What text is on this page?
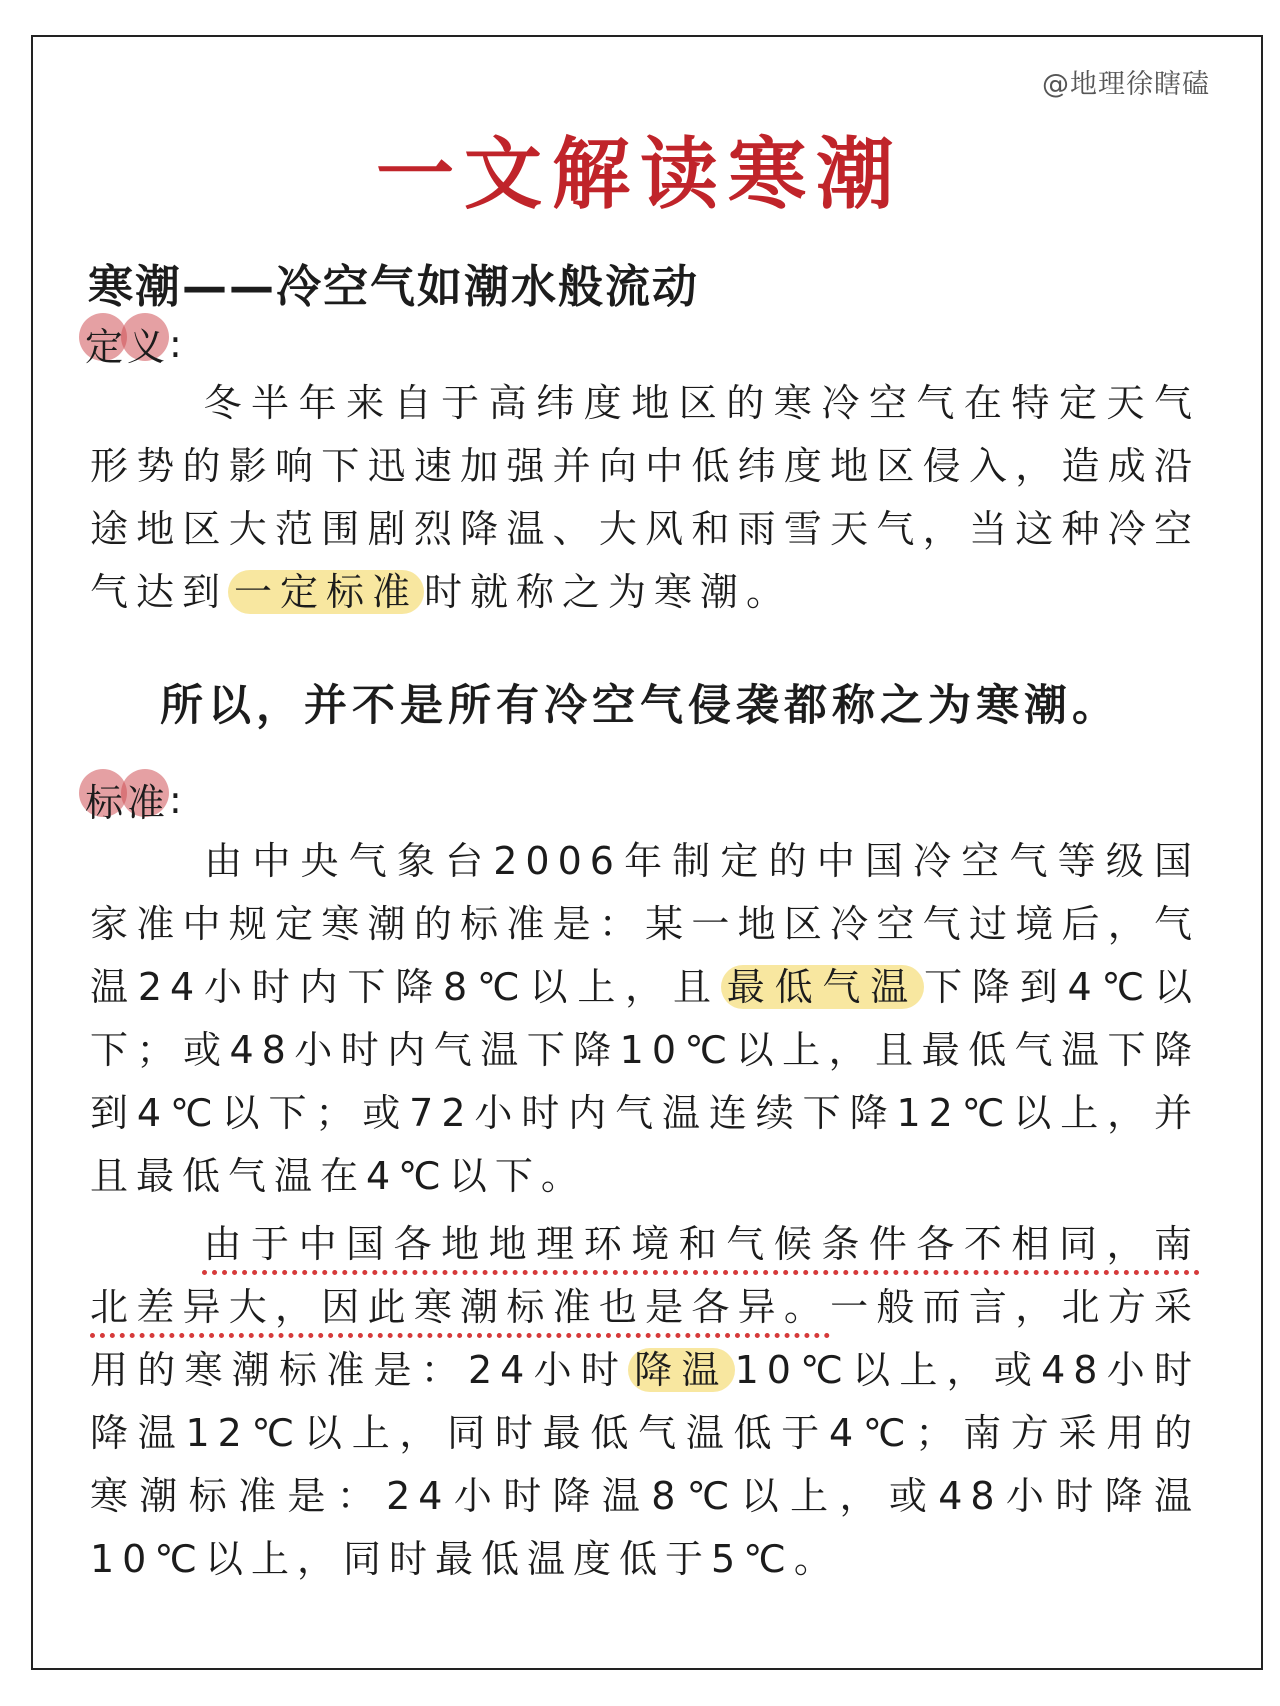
@地理徐瞎磕
一文解读寒潮
寒潮——冷空气如潮水般流动
定 义 :

冬半年来自于高纬度地区的寒冷空气在特定天气形势的影响下迅速加强并向中低纬度地区侵入，造成沿途地区大范围剧烈降温、大风和雨雪天气，当这种冷空气达到 一定标准 时就称之为寒潮。

所以，并不是所有冷空气侵袭都称之为寒潮。

标 准 :

由中央气象台2006年制定的中国冷空气等级国家准中规定寒潮的标准是：某一地区冷空气过境后，气温24小时内下降8℃以上，且 最低气温 下降到4℃以下；或48小时内气温下降10℃以上，且最低气温下降到4℃以下；或72小时内气温连续下降12℃以上，并且最低气温在4℃以下。

由于中国各地地理环境和气候条件各不相同，南北差异大，因此寒潮标准也是各异。一般而言，北方采用的寒潮标准是：24小时 降温 10℃以上，或48小时降温12℃以上，同时最低气温低于4℃；南方采用的寒潮标准是：24小时降温8℃以上，或48小时降温10℃以上，同时最低温度低于5℃。
